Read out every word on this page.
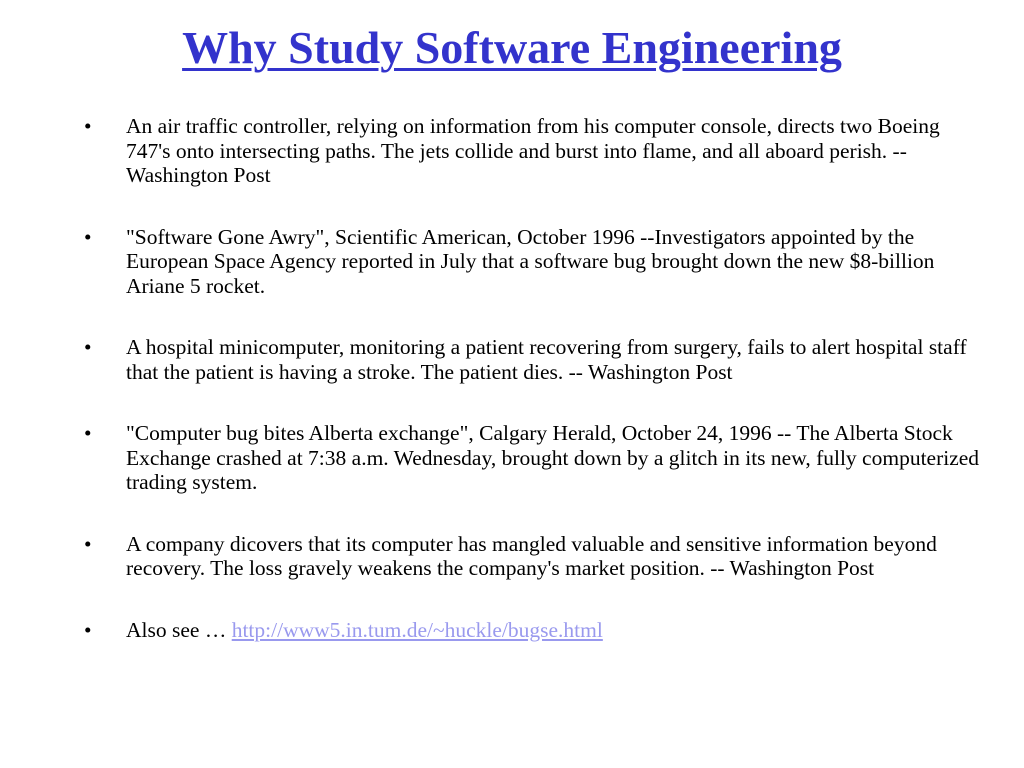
Why Study Software Engineering
•	An air traffic controller, relying on information from his computer console, directs two Boeing 747's onto intersecting paths. The jets collide and burst into flame, and all aboard perish. -- Washington Post
•	"Software Gone Awry", Scientific American, October 1996 --Investigators appointed by the European Space Agency reported in July that a software bug brought down the new $8-billion Ariane 5 rocket.
•	A hospital minicomputer, monitoring a patient recovering from surgery, fails to alert hospital staff that the patient is having a stroke. The patient dies. -- Washington Post
•	"Computer bug bites Alberta exchange", Calgary Herald, October 24, 1996 -- The Alberta Stock Exchange crashed at 7:38 a.m. Wednesday, brought down by a glitch in its new, fully computerized trading system.
•	A company dicovers that its computer has mangled valuable and sensitive information beyond recovery. The loss gravely weakens the company's market position. -- Washington Post
•	Also see … http://www5.in.tum.de/~huckle/bugse.html
